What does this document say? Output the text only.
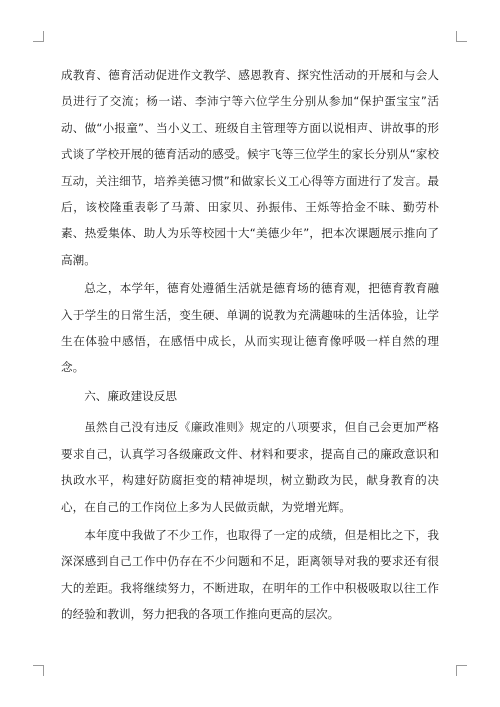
成教育、德育活动促进作文教学、感恩教育、探究性活动的开展和与会人员进行了交流；杨一诺、李沛宁等六位学生分别从参加“保护蛋宝宝”活动、做“小报童”、当小义工、班级自主管理等方面以说相声、讲故事的形式谈了学校开展的德育活动的感受。候宇飞等三位学生的家长分别从“家校互动，关注细节，培养美德习惯”和做家长义工心得等方面进行了发言。最后，该校隆重表彰了马萧、田家贝、孙振伟、王烁等拾金不昧、勤劳朴素、热爱集体、助人为乐等校园十大“美德少年”，把本次课题展示推向了高潮。

总之，本学年，德育处遵循生活就是德育场的德育观，把德育教育融入于学生的日常生活，变生硬、单调的说教为充满趣味的生活体验，让学生在体验中感悟，在感悟中成长，从而实现让德育像呼吸一样自然的理念。

六、廉政建设反思

虽然自己没有违反《廉政准则》规定的八项要求，但自己会更加严格要求自己，认真学习各级廉政文件、材料和要求，提高自己的廉政意识和执政水平，构建好防腐拒变的精神堤坝，树立勤政为民，献身教育的决心，在自己的工作岗位上多为人民做贡献，为党增光辉。

本年度中我做了不少工作，也取得了一定的成绩，但是相比之下，我深深感到自己工作中仍存在不少问题和不足，距离领导对我的要求还有很大的差距。我将继续努力，不断进取，在明年的工作中积极吸取以往工作的经验和教训，努力把我的各项工作推向更高的层次。
